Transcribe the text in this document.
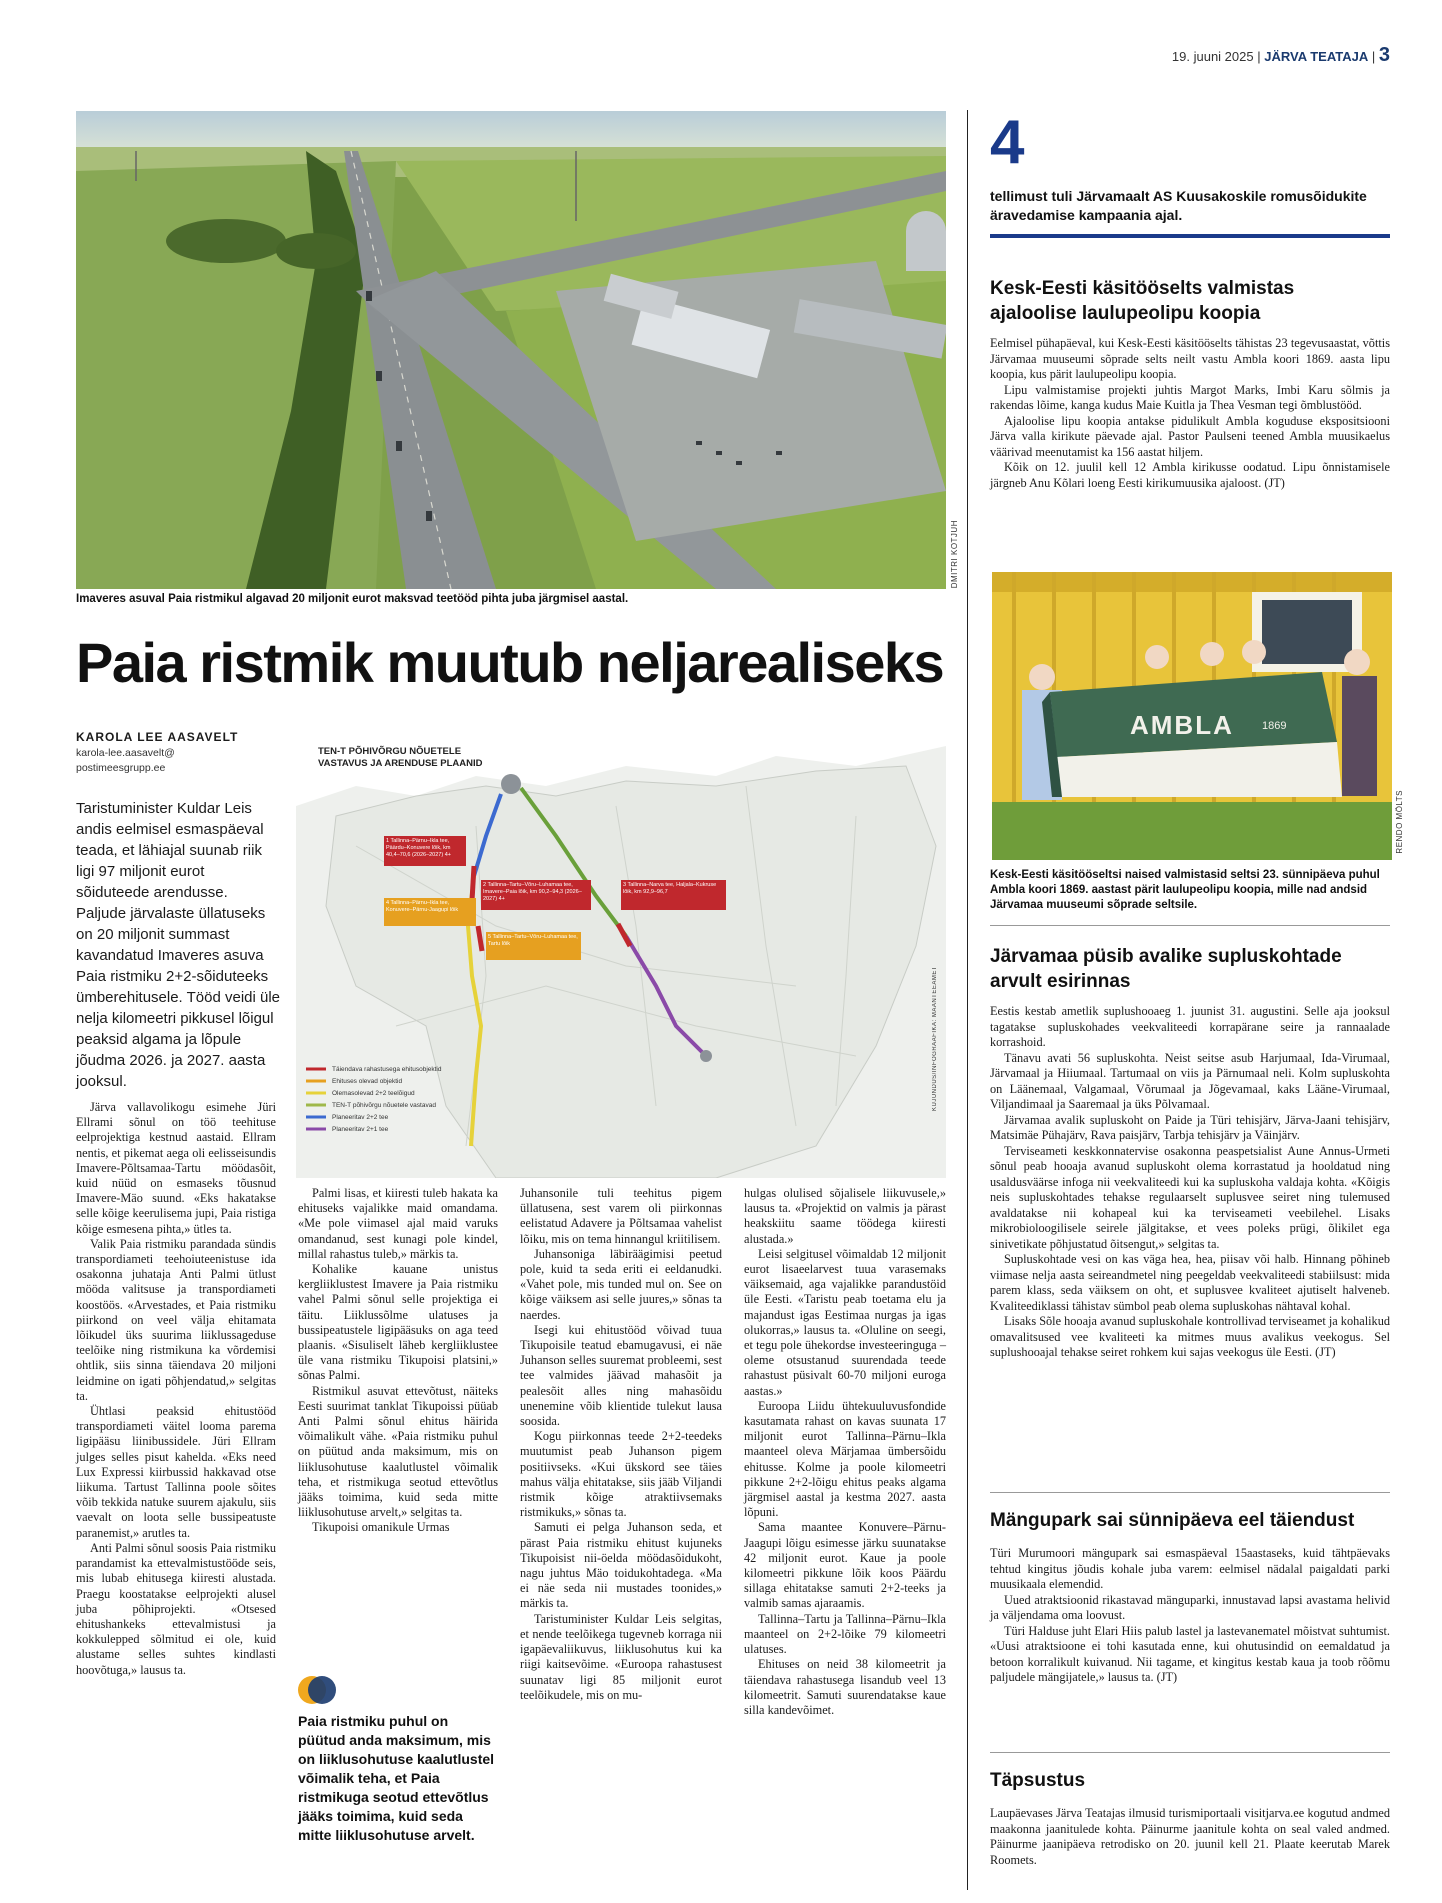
19. juuni 2025 | JÄRVA TEATAJA | 3
DMITRI KOTJUH
Imaveres asuval Paia ristmikul algavad 20 miljonit eurot maksvad teetööd pihta juba järgmisel aastal.
Paia ristmik muutub neljarealiseks
KAROLA LEE AASAVELT
karola-lee.aasavelt@
postimeesgrupp.ee
Taristuminister Kuldar Leis andis eelmisel esmaspäeval teada, et lähiajal suunab riik ligi 97 miljonit eurot sõiduteede arendusse. Paljude järvalaste üllatuseks on 20 miljonit summast kavandatud Imaveres asuva Paia ristmiku 2+2-sõiduteeks ümberehitusele. Tööd veidi üle nelja kilomeetri pikkusel lõigul peaksid algama ja lõpule jõudma 2026. ja 2027. aasta jooksul.
TEN-T PÕHIVÕRGU NÕUETELE
VASTAVUS JA ARENDUSE PLAANID
1 Tallinna–Pärnu–Ikla tee, Päärdu–Konuvere lõik, km 40,4–70,6 (2026–2027) 4+
2 Tallinna–Tartu–Võru–Luhamaa tee, Imavere–Paia lõik, km 90,2–94,3 (2026–2027) 4+
3 Tallinna–Narva tee, Haljala–Kukruse lõik, km 92,9–96,7
4 Tallinna–Pärnu–Ikla tee, Konuvere–Pärnu-Jaagupi lõik
5 Tallinna–Tartu–Võru–Luhamaa tee, Tartu lõik
Täiendava rahastusega ehitusobjektid
Ehituses olevad objektid
Olemasolevad 2+2 teelõigud
TEN-T põhivõrgu nõuetele vastavad
Planeeritav 2+2 tee
Planeeritav 2+1 tee
KUJUNDUS/INFOGRAAFIKA: MAANTEEAMET

Järva vallavolikogu esimehe Jüri Ellrami sõnul on töö teehituse eelprojektiga kestnud aastaid. Ellram nentis, et pikemat aega oli eelisseisundis Imavere-Põltsamaa-Tartu möödasõit, kuid nüüd on esmaseks tõusnud Imavere-Mäo suund. «Eks hakatakse selle kõige keerulisema jupi, Paia ristiga kõige esmesena pihta,» ütles ta.

Valik Paia ristmiku parandada sündis transpordiameti teehoiuteenistuse ida osakonna juhataja Anti Palmi ütlust mööda valitsuse ja transpordiameti koostöös. «Arvestades, et Paia ristmiku piirkond on veel välja ehitamata lõikudel üks suurima liiklussageduse teelõike ning ristmikuna ka võrdemisi ohtlik, siis sinna täiendava 20 miljoni leidmine on igati põhjendatud,» selgitas ta.

Ühtlasi peaksid ehitustööd transpordiameti väitel looma parema ligipääsu liinibussidele. Jüri Ellram julges selles pisut kahelda. «Eks need Lux Expressi kiirbussid hakkavad otse liikuma. Tartust Tallinna poole sõites võib tekkida natuke suurem ajakulu, siis vaevalt on loota selle bussipeatuste paranemist,» arutles ta.

Anti Palmi sõnul soosis Paia ristmiku parandamist ka ettevalmistustööde seis, mis lubab ehitusega kiiresti alustada. Praegu koostatakse eelprojekti alusel juba põhiprojekti. «Otsesed ehitushankeks ettevalmistusi ja kokkulepped sõlmitud ei ole, kuid alustame selles suhtes kindlasti hoovõtuga,» lausus ta.

Palmi lisas, et kiiresti tuleb hakata ka ehituseks vajalikke maid omandama. «Me pole viimasel ajal maid varuks omandanud, sest kunagi pole kindel, millal rahastus tuleb,» märkis ta.

Kohalike kauane unistus kergliiklustest Imavere ja Paia ristmiku vahel Palmi sõnul selle projektiga ei täitu. Liiklussõlme ulatuses ja bussipeatustele ligipääsuks on aga teed plaanis. «Sisuliselt läheb kergliiklustee üle vana ristmiku Tikupoisi platsini,» sõnas Palmi.

Ristmikul asuvat ettevõtust, näiteks Eesti suurimat tanklat Tikupoissi püüab Anti Palmi sõnul ehitus häirida võimalikult vähe. «Paia ristmiku puhul on püütud anda maksimum, mis on liiklusohutuse kaalutlustel võimalik teha, et ristmikuga seotud ettevõtlus jääks toimima, kuid seda mitte liiklusohutuse arvelt,» selgitas ta.

Tikupoisi omanikule Urmas

Paia ristmiku puhul on püütud anda maksimum, mis on liiklusohutuse kaalutlustel võimalik teha, et Paia ristmikuga seotud ettevõtlus jääks toimima, kuid seda mitte liiklusohutuse arvelt.

Juhansonile tuli teehitus pigem üllatusena, sest varem oli piirkonnas eelistatud Adavere ja Põltsamaa vahelist lõiku, mis on tema hinnangul kriitilisem.

Juhansoniga läbiräägimisi peetud pole, kuid ta seda eriti ei eeldanudki. «Vahet pole, mis tunded mul on. See on kõige väiksem asi selle juures,» sõnas ta naerdes.

Isegi kui ehitustööd võivad tuua Tikupoisile teatud ebamugavusi, ei näe Juhanson selles suuremat probleemi, sest tee valmides jäävad mahasõit ja pealesõit alles ning mahasõidu unenemine võib klientide tulekut lausa soosida.

Kogu piirkonnas teede 2+2-teedeks muutumist peab Juhanson pigem positiivseks. «Kui ükskord see täies mahus välja ehitatakse, siis jääb Viljandi ristmik kõige atraktiivsemaks ristmikuks,» sõnas ta.

Samuti ei pelga Juhanson seda, et pärast Paia ristmiku ehitust kujuneks Tikupoisist nii-öelda möödasõidukoht, nagu juhtus Mäo toidukohtadega. «Ma ei näe seda nii mustades toonides,» märkis ta.

Taristuminister Kuldar Leis selgitas, et nende teelõikega tugevneb korraga nii igapäevaliikuvus, liiklusohutus kui ka riigi kaitsevõime. «Euroopa rahastusest suunatav ligi 85 miljonit eurot teelõikudele, mis on mu-

hulgas olulised sõjalisele liikuvusele,» lausus ta. «Projektid on valmis ja pärast heakskiitu saame töödega kiiresti alustada.»

Leisi selgitusel võimaldab 12 miljonit eurot lisaeelarvest tuua varasemaks väiksemaid, aga vajalikke parandustöid üle Eesti. «Taristu peab toetama elu ja majandust igas Eestimaa nurgas ja igas olukorras,» lausus ta. «Oluline on seegi, et tegu pole ühekordse investeeringuga – oleme otsustanud suurendada teede rahastust püsivalt 60-70 miljoni euroga aastas.»

Euroopa Liidu ühtekuuluvusfondide kasutamata rahast on kavas suunata 17 miljonit eurot Tallinna–Pärnu–Ikla maanteel oleva Märjamaa ümbersõidu ehitusse. Kolme ja poole kilomeetri pikkune 2+2-lõigu ehitus peaks algama järgmisel aastal ja kestma 2027. aasta lõpuni.

Sama maantee Konuvere–Pärnu-Jaagupi lõigu esimesse järku suunatakse 42 miljonit eurot. Kaue ja poole kilomeetri pikkune lõik koos Päärdu sillaga ehitatakse samuti 2+2-teeks ja valmib samas ajaraamis.

Tallinna–Tartu ja Tallinna–Pärnu–Ikla maanteel on 2+2-lõike 79 kilomeetri ulatuses.

Ehituses on neid 38 kilomeetrit ja täiendava rahastusega lisandub veel 13 kilomeetrit. Samuti suurendatakse kaue silla kandevõimet.

4
tellimust tuli Järvamaalt AS Kuusakoskile romusõidukite äravedamise kampaania ajal.
Kesk-Eesti käsitööselts valmistas ajaloolise laulupeolipu koopia

Eelmisel pühapäeval, kui Kesk-Eesti käsitööselts tähistas 23 tegevusaastat, võttis Järvamaa muuseumi sõprade selts neilt vastu Ambla koori 1869. aasta lipu koopia, kus pärit laulupeolipu koopia.

Lipu valmistamise projekti juhtis Margot Marks, Imbi Karu sõlmis ja rakendas lõime, kanga kudus Maie Kuitla ja Thea Vesman tegi õmblustööd.

Ajaloolise lipu koopia antakse pidulikult Ambla koguduse ekspositsiooni Järva valla kirikute päevade ajal. Pastor Paulseni teened Ambla muusikaelus väärivad meenutamist ka 156 aastat hiljem.

Kõik on 12. juulil kell 12 Ambla kirikusse oodatud. Lipu õnnistamisele järgneb Anu Kõlari loeng Eesti kirikumuusika ajaloost. (JT)

AMBLA	1869
RENDO MÕLTS
Kesk-Eesti käsitööseltsi naised valmistasid seltsi 23. sünnipäeva puhul Ambla koori 1869. aastast pärit laulupeolipu koopia, mille nad andsid Järvamaa muuseumi sõprade seltsile.
Järvamaa püsib avalike supluskohtade arvult esirinnas

Eestis kestab ametlik suplushooaeg 1. juunist 31. augustini. Selle aja jooksul tagatakse supluskohades veekvaliteedi korrapärane seire ja rannaalade korrashoid.

Tänavu avati 56 supluskohta. Neist seitse asub Harjumaal, Ida-Virumaal, Järvamaal ja Hiiumaal. Tartumaal on viis ja Pärnumaal neli. Kolm supluskohta on Läänemaal, Valgamaal, Võrumaal ja Jõgevamaal, kaks Lääne-Virumaal, Viljandimaal ja Saaremaal ja üks Põlvamaal.

Järvamaa avalik supluskoht on Paide ja Türi tehisjärv, Järva-Jaani tehisjärv, Matsimäe Pühajärv, Rava paisjärv, Tarbja tehisjärv ja Väinjärv.

Terviseameti keskkonnatervise osakonna peaspetsialist Aune Annus-Urmeti sõnul peab hooaja avanud supluskoht olema korrastatud ja hooldatud ning usaldusväärse infoga nii veekvaliteedi kui ka supluskoha valdaja kohta. «Kõigis neis supluskohtades tehakse regulaarselt suplusvee seiret ning tulemused avaldatakse nii kohapeal kui ka terviseameti veebilehel. Lisaks mikrobioloogilisele seirele jälgitakse, et vees poleks prügi, õlikilet ega sinivetikate põhjustatud õitsengut,» selgitas ta.

Supluskohtade vesi on kas väga hea, hea, piisav või halb. Hinnang põhineb viimase nelja aasta seireandmetel ning peegeldab veekvaliteedi stabiilsust: mida parem klass, seda väiksem on oht, et suplusvee kvaliteet ajutiselt halveneb. Kvaliteediklassi tähistav sümbol peab olema supluskohas nähtaval kohal.

Lisaks Sõle hooaja avanud supluskohale kontrollivad terviseamet ja kohalikud omavalitsused vee kvaliteeti ka mitmes muus avalikus veekogus. Sel suplushooajal tehakse seiret rohkem kui sajas veekogus üle Eesti. (JT)

Mängupark sai sünnipäeva eel täiendust

Türi Murumoori mängupark sai esmaspäeval 15aastaseks, kuid tähtpäevaks tehtud kingitus jõudis kohale juba varem: eelmisel nädalal paigaldati parki muusikaala elemendid.

Uued atraktsioonid rikastavad mänguparki, innustavad lapsi avastama helivid ja väljendama oma loovust.

Türi Halduse juht Elari Hiis palub lastel ja lastevanematel mõistvat suhtumist. «Uusi atraktsioone ei tohi kasutada enne, kui ohutusindid on eemaldatud ja betoon korralikult kuivanud. Nii tagame, et kingitus kestab kaua ja toob rõõmu paljudele mängijatele,» lausus ta. (JT)

Täpsustus

Laupäevases Järva Teatajas ilmusid turismiportaali visitjarva.ee kogutud andmed maakonna jaanitulede kohta. Päinurme jaanitule kohta on seal valed andmed. Päinurme jaanipäeva retrodisko on 20. juunil kell 21. Plaate keerutab Marek Roomets.
